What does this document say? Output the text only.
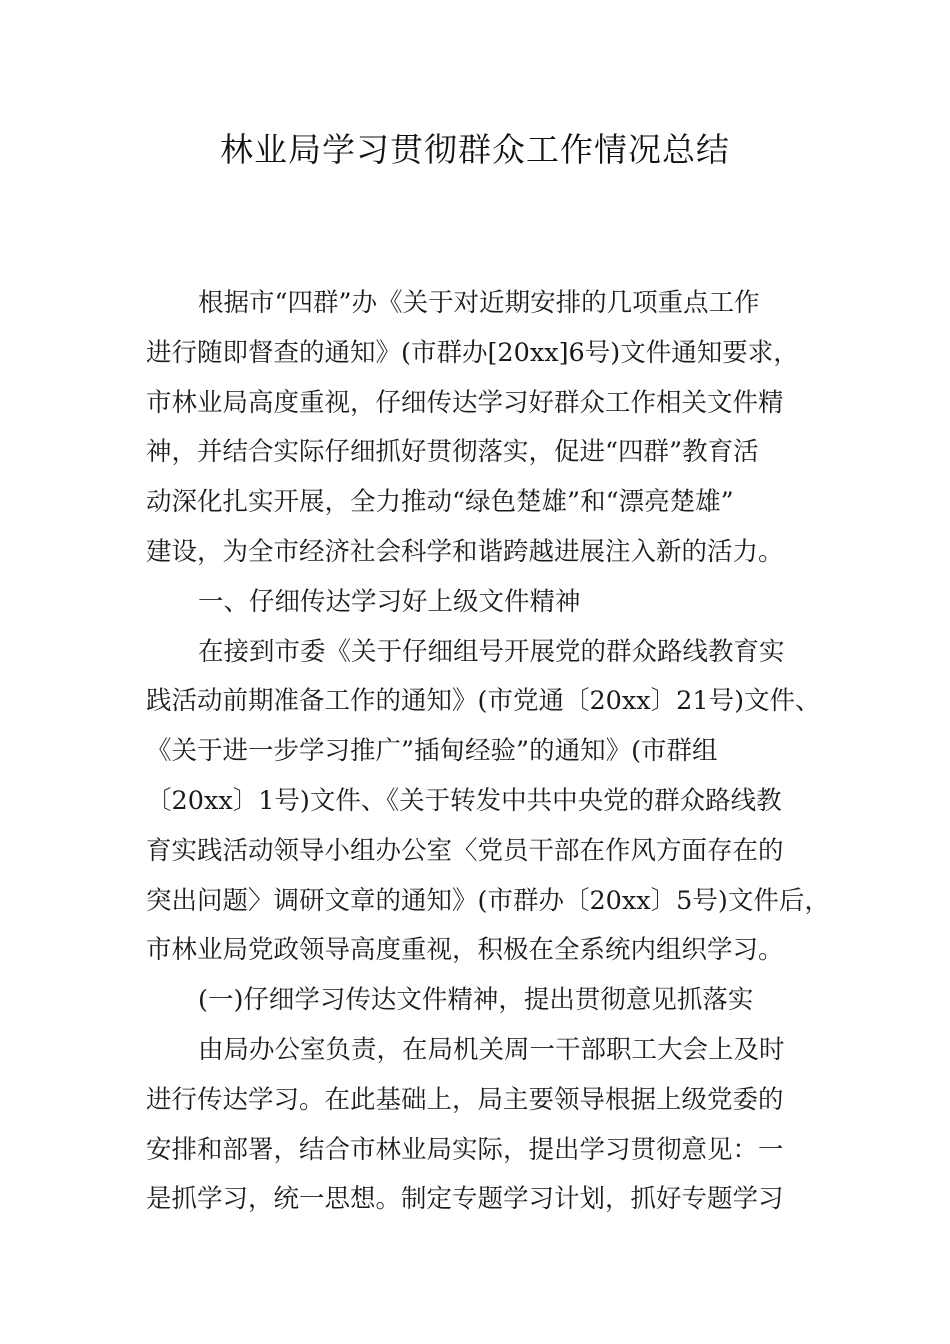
林业局学习贯彻群众工作情况总结
根据市“四群”办《关于对近期安排的几项重点工作
进行随即督查的通知》(市群办[20xx]6号)文件通知要求，
市林业局高度重视，仔细传达学习好群众工作相关文件精
神，并结合实际仔细抓好贯彻落实，促进“四群”教育活
动深化扎实开展，全力推动“绿色楚雄”和“漂亮楚雄”
建设，为全市经济社会科学和谐跨越进展注入新的活力。
一、仔细传达学习好上级文件精神
在接到市委《关于仔细组号开展党的群众路线教育实
践活动前期准备工作的通知》(市党通〔20xx〕21号)文件、
《关于进一步学习推广”插甸经验”的通知》(市群组
〔20xx〕1号)文件、《关于转发中共中央党的群众路线教
育实践活动领导小组办公室〈党员干部在作风方面存在的
突出问题〉调研文章的通知》(市群办〔20xx〕5号)文件后，
市林业局党政领导高度重视，积极在全系统内组织学习。
(一)仔细学习传达文件精神，提出贯彻意见抓落实
由局办公室负责，在局机关周一干部职工大会上及时
进行传达学习。在此基础上，局主要领导根据上级党委的
安排和部署，结合市林业局实际，提出学习贯彻意见：一
是抓学习，统一思想。制定专题学习计划，抓好专题学习
